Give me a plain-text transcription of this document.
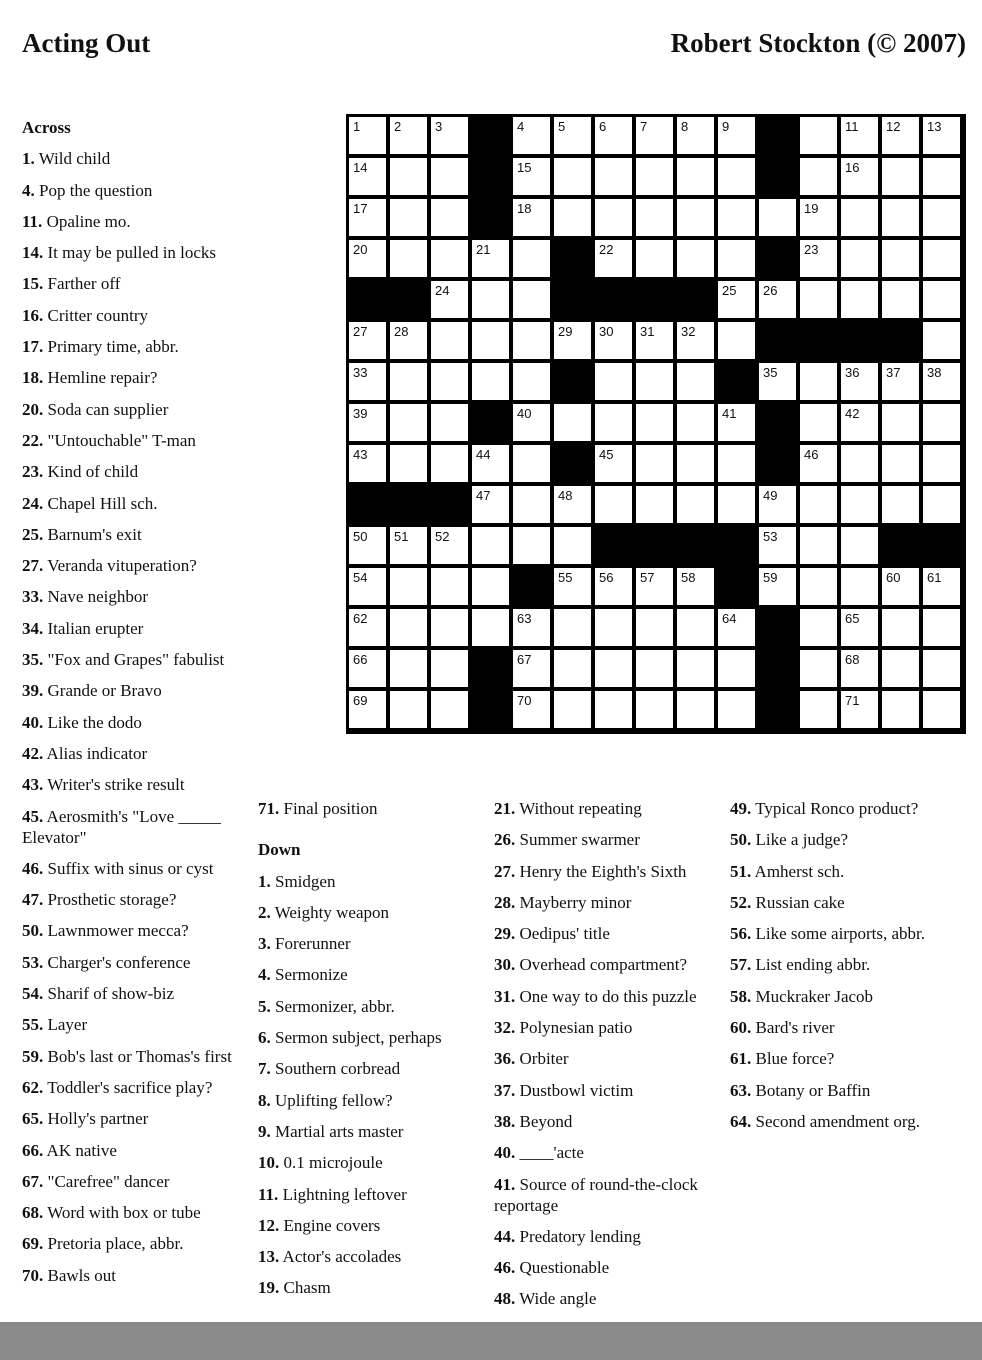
Acting Out	Robert Stockton (© 2007)
Across
1. Wild child
4. Pop the question
11. Opaline mo.
14. It may be pulled in locks
15. Farther off
16. Critter country
17. Primary time, abbr.
18. Hemline repair?
20. Soda can supplier
22. "Untouchable" T-man
23. Kind of child
24. Chapel Hill sch.
25. Barnum's exit
27. Veranda vituperation?
33. Nave neighbor
34. Italian erupter
35. "Fox and Grapes" fabulist
39. Grande or Bravo
40. Like the dodo
42. Alias indicator
43. Writer's strike result
45. Aerosmith's "Love _____ Elevator"
46. Suffix with sinus or cyst
47. Prosthetic storage?
50. Lawnmower mecca?
53. Charger's conference
54. Sharif of show-biz
55. Layer
59. Bob's last or Thomas's first
62. Toddler's sacrifice play?
65. Holly's partner
66. AK native
67. "Carefree" dancer
68. Word with box or tube
69. Pretoria place, abbr.
70. Bawls out
71. Final position
Down
1. Smidgen
2. Weighty weapon
3. Forerunner
4. Sermonize
5. Sermonizer, abbr.
6. Sermon subject, perhaps
7. Southern corbread
8. Uplifting fellow?
9. Martial arts master
10. 0.1 microjoule
11. Lightning leftover
12. Engine covers
13. Actor's accolades
19. Chasm
21. Without repeating
26. Summer swarmer
27. Henry the Eighth's Sixth
28. Mayberry minor
29. Oedipus' title
30. Overhead compartment?
31. One way to do this puzzle
32. Polynesian patio
36. Orbiter
37. Dustbowl victim
38. Beyond
40. ____'acte
41. Source of round-the-clock reportage
44. Predatory lending
46. Questionable
48. Wide angle
49. Typical Ronco product?
50. Like a judge?
51. Amherst sch.
52. Russian cake
56. Like some airports, abbr.
57. List ending abbr.
58. Muckraker Jacob
60. Bard's river
61. Blue force?
63. Botany or Baffin
64. Second amendment org.
1	2	3	4	5	6	7	8	9	11 12 13
14	15	16
17	18	19
20	21	22	23
24	25 26
27 28	29 30 31 32
33	35	36 37 38
39	40	41	42
43	44	45	46
47	48	49
50 51 52	53
54	55 56 57 58	59	60 61
62	63	64	65
66	67	68
69	70	71
